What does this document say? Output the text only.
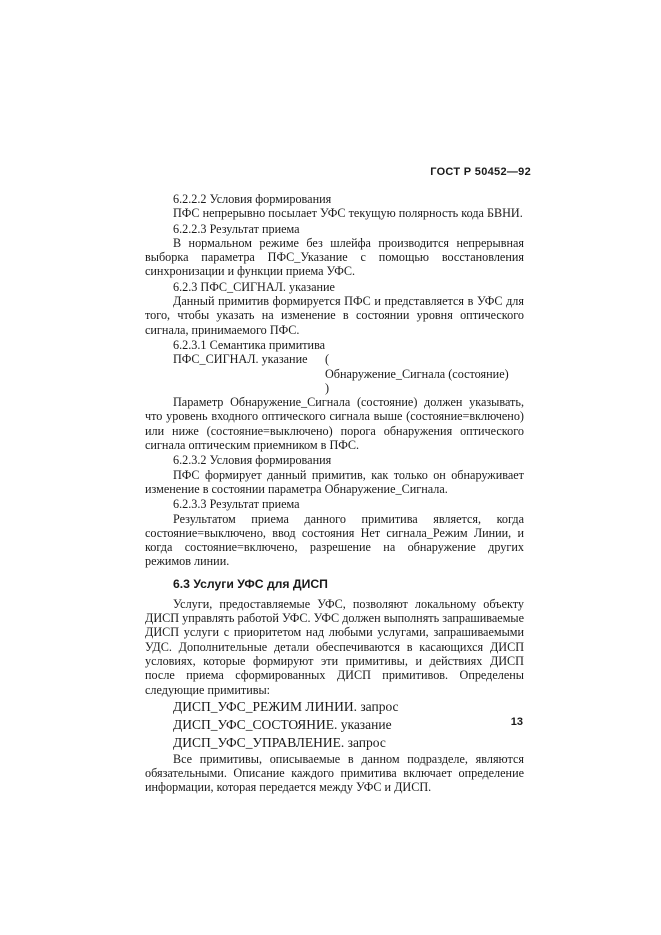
ГОСТ Р 50452—92

6.2.2.2 Условия формирования

ПФС непрерывно посылает УФС текущую полярность кода БВНИ.

6.2.2.3 Результат приема

В нормальном режиме без шлейфа производится непрерывная выборка параметра ПФС_Указание с помощью восстановления синхронизации и функции приема УФС.

6.2.3 ПФС_СИГНАЛ. указание

Данный примитив формируется ПФС и представляется в УФС для того, чтобы указать на изменение в состоянии уровня оптического сигнала, принимаемого ПФС.

6.2.3.1 Семантика примитива

ПФС_СИГНАЛ. указание (
Обнаружение_Сигнала (состояние)
)

Параметр Обнаружение_Сигнала (состояние) должен указывать, что уровень входного оптического сигнала выше (состояние=включено) или ниже (состояние=выключено) порога обнаружения оптического сигнала оптическим приемником в ПФС.

6.2.3.2 Условия формирования

ПФС формирует данный примитив, как только он обнаруживает изменение в состоянии параметра Обнаружение_Сигнала.

6.2.3.3 Результат приема

Результатом приема данного примитива является, когда состояние=выключено, ввод состояния Нет сигнала_Режим Линии, и когда состояние=включено, разрешение на обнаружение других режимов линии.

6.3 Услуги УФС для ДИСП

Услуги, предоставляемые УФС, позволяют локальному объекту ДИСП управлять работой УФС. УФС должен выполнять запрашиваемые ДИСП услуги с приоритетом над любыми услугами, запрашиваемыми УДС. Дополнительные детали обеспечиваются в касающихся ДИСП условиях, которые формируют эти примитивы, и действиях ДИСП после приема сформированных ДИСП примитивов. Определены следующие примитивы:

ДИСП_УФС_РЕЖИМ ЛИНИИ. запрос
ДИСП_УФС_СОСТОЯНИЕ. указание
ДИСП_УФС_УПРАВЛЕНИЕ. запрос

Все примитивы, описываемые в данном подразделе, являются обязательными. Описание каждого примитива включает определение информации, которая передается между УФС и ДИСП.

13
